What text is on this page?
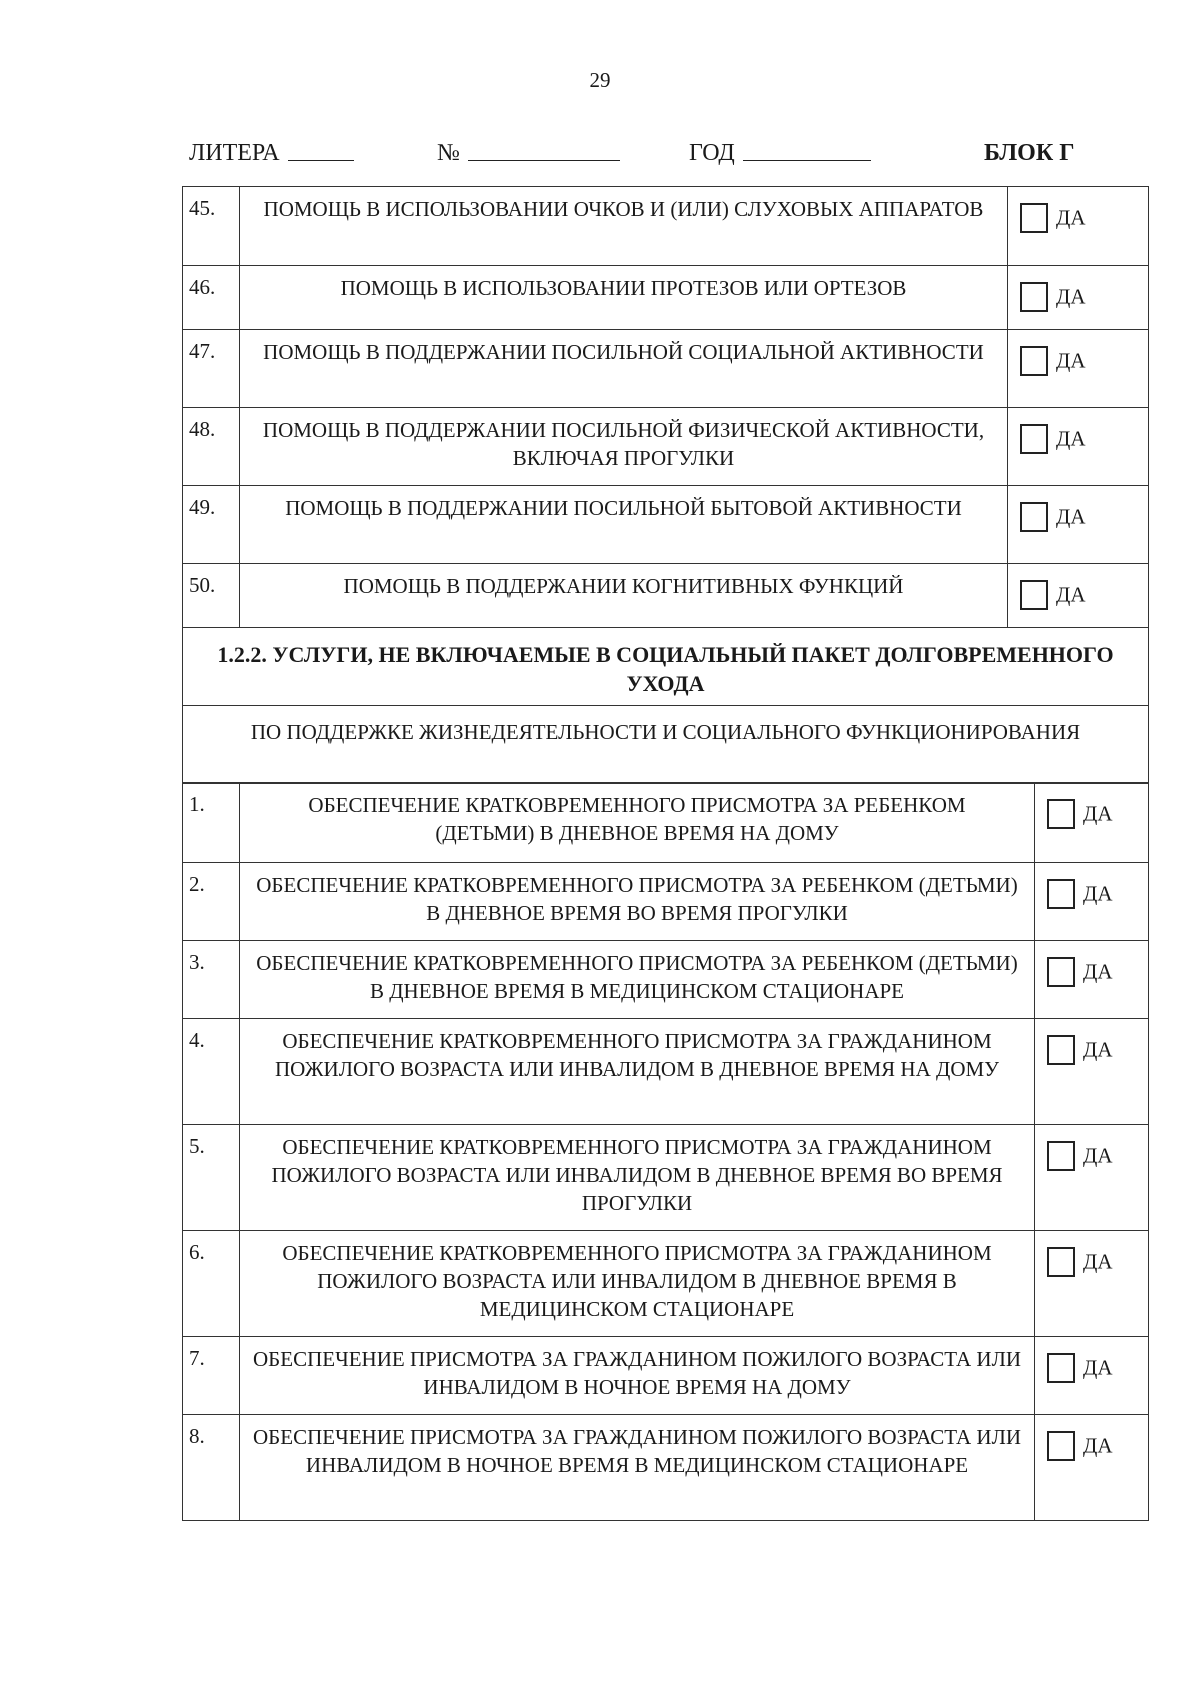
29
ЛИТЕРА	№	ГОД	БЛОК Г
45.	ПОМОЩЬ В ИСПОЛЬЗОВАНИИ ОЧКОВ И (ИЛИ) СЛУХОВЫХ АППАРАТОВ	ДА
46.	ПОМОЩЬ В ИСПОЛЬЗОВАНИИ ПРОТЕЗОВ ИЛИ ОРТЕЗОВ	ДА
47.	ПОМОЩЬ В ПОДДЕРЖАНИИ ПОСИЛЬНОЙ СОЦИАЛЬНОЙ АКТИВНОСТИ	ДА
48.	ПОМОЩЬ В ПОДДЕРЖАНИИ ПОСИЛЬНОЙ ФИЗИЧЕСКОЙ АКТИВНОСТИ, ВКЛЮЧАЯ ПРОГУЛКИ	ДА
49.	ПОМОЩЬ В ПОДДЕРЖАНИИ ПОСИЛЬНОЙ БЫТОВОЙ АКТИВНОСТИ	ДА
50.	ПОМОЩЬ В ПОДДЕРЖАНИИ КОГНИТИВНЫХ ФУНКЦИЙ	ДА
1.2.2. УСЛУГИ, НЕ ВКЛЮЧАЕМЫЕ В СОЦИАЛЬНЫЙ ПАКЕТ ДОЛГОВРЕМЕННОГО УХОДА		
ПО ПОДДЕРЖКЕ ЖИЗНЕДЕЯТЕЛЬНОСТИ И СОЦИАЛЬНОГО ФУНКЦИОНИРОВАНИЯ		
1.	ОБЕСПЕЧЕНИЕ КРАТКОВРЕМЕННОГО ПРИСМОТРА ЗА РЕБЕНКОМ (ДЕТЬМИ) В ДНЕВНОЕ ВРЕМЯ НА ДОМУ	ДА
2.	ОБЕСПЕЧЕНИЕ КРАТКОВРЕМЕННОГО ПРИСМОТРА ЗА РЕБЕНКОМ (ДЕТЬМИ) В ДНЕВНОЕ ВРЕМЯ ВО ВРЕМЯ ПРОГУЛКИ	ДА
3.	ОБЕСПЕЧЕНИЕ КРАТКОВРЕМЕННОГО ПРИСМОТРА ЗА РЕБЕНКОМ (ДЕТЬМИ) В ДНЕВНОЕ ВРЕМЯ В МЕДИЦИНСКОМ СТАЦИОНАРЕ	ДА
4.	ОБЕСПЕЧЕНИЕ КРАТКОВРЕМЕННОГО ПРИСМОТРА ЗА ГРАЖДАНИНОМ ПОЖИЛОГО ВОЗРАСТА ИЛИ ИНВАЛИДОМ В ДНЕВНОЕ ВРЕМЯ НА ДОМУ	ДА
5.	ОБЕСПЕЧЕНИЕ КРАТКОВРЕМЕННОГО ПРИСМОТРА ЗА ГРАЖДАНИНОМ ПОЖИЛОГО ВОЗРАСТА ИЛИ ИНВАЛИДОМ В ДНЕВНОЕ ВРЕМЯ ВО ВРЕМЯ ПРОГУЛКИ	ДА
6.	ОБЕСПЕЧЕНИЕ КРАТКОВРЕМЕННОГО ПРИСМОТРА ЗА ГРАЖДАНИНОМ ПОЖИЛОГО ВОЗРАСТА ИЛИ ИНВАЛИДОМ В ДНЕВНОЕ ВРЕМЯ В МЕДИЦИНСКОМ СТАЦИОНАРЕ	ДА
7.	ОБЕСПЕЧЕНИЕ ПРИСМОТРА ЗА ГРАЖДАНИНОМ ПОЖИЛОГО ВОЗРАСТА ИЛИ ИНВАЛИДОМ В НОЧНОЕ ВРЕМЯ НА ДОМУ	ДА
8.	ОБЕСПЕЧЕНИЕ ПРИСМОТРА ЗА ГРАЖДАНИНОМ ПОЖИЛОГО ВОЗРАСТА ИЛИ ИНВАЛИДОМ В НОЧНОЕ ВРЕМЯ В МЕДИЦИНСКОМ СТАЦИОНАРЕ	ДА
